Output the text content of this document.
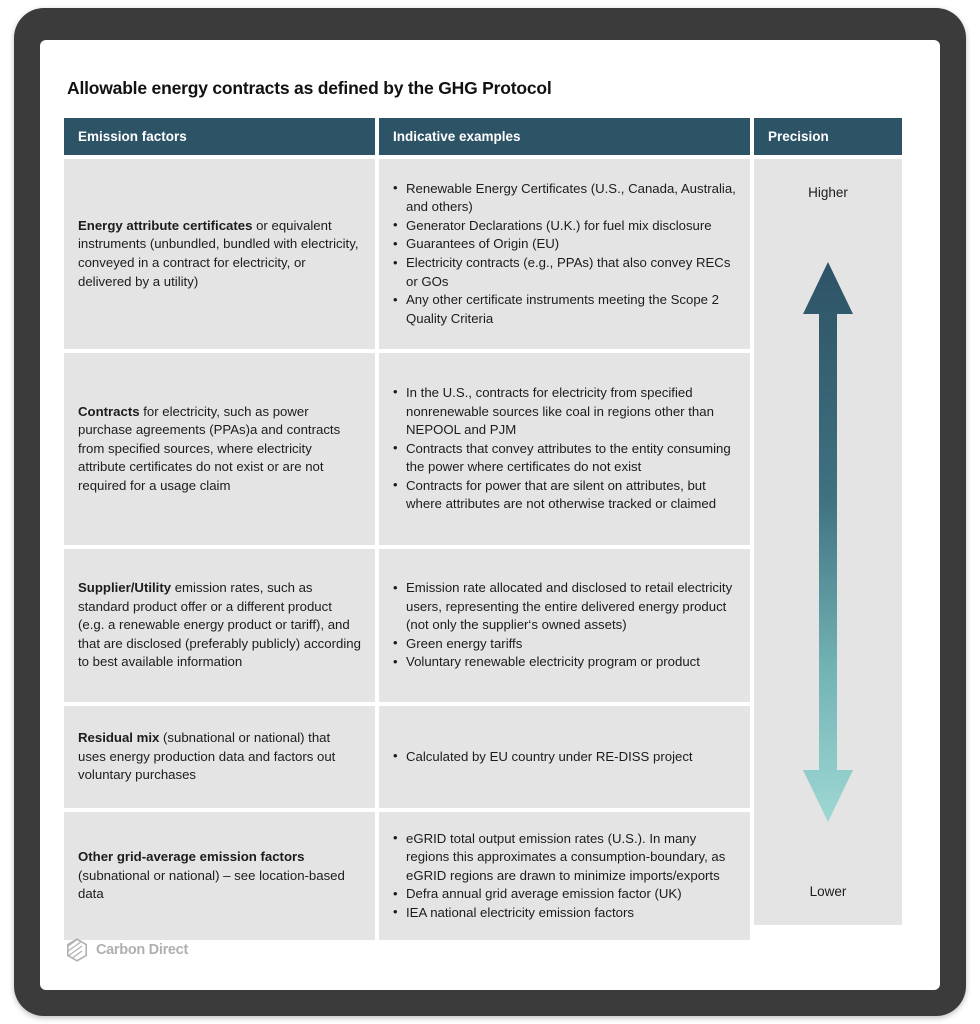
Allowable energy contracts as defined by the GHG Protocol
Emission factors	Indicative examples
Energy attribute certificates or equivalent instruments (unbundled, bundled with electricity, conveyed in a contract for electricity, or delivered by a utility)
• Renewable Energy Certificates (U.S., Canada, Australia, and others)
• Generator Declarations (U.K.) for fuel mix disclosure
• Guarantees of Origin (EU)
• Electricity contracts (e.g., PPAs) that also convey RECs or GOs
• Any other certificate instruments meeting the Scope 2 Quality Criteria
Contracts for electricity, such as power purchase agreements (PPAs)a and contracts from specified sources, where electricity attribute certificates do not exist or are not required for a usage claim
• In the U.S., contracts for electricity from specified nonrenewable sources like coal in regions other than NEPOOL and PJM
• Contracts that convey attributes to the entity consuming the power where certificates do not exist
• Contracts for power that are silent on attributes, but where attributes are not otherwise tracked or claimed
Supplier/Utility emission rates, such as standard product offer or a different product (e.g. a renewable energy product or tariff), and that are disclosed (preferably publicly) according to best available information
• Emission rate allocated and disclosed to retail electricity users, representing the entire delivered energy product (not only the supplier‘s owned assets)
• Green energy tariffs
• Voluntary renewable electricity program or product
Residual mix (subnational or national) that uses energy production data and factors out voluntary purchases
• Calculated by EU country under RE-DISS project
Other grid-average emission factors (subnational or national) – see location-based data
• eGRID total output emission rates (U.S.). In many regions this approximates a consumption-boundary, as eGRID regions are drawn to minimize imports/exports
• Defra annual grid average emission factor (UK)
• IEA national electricity emission factors
Precision
Higher
Lower
Carbon Direct
